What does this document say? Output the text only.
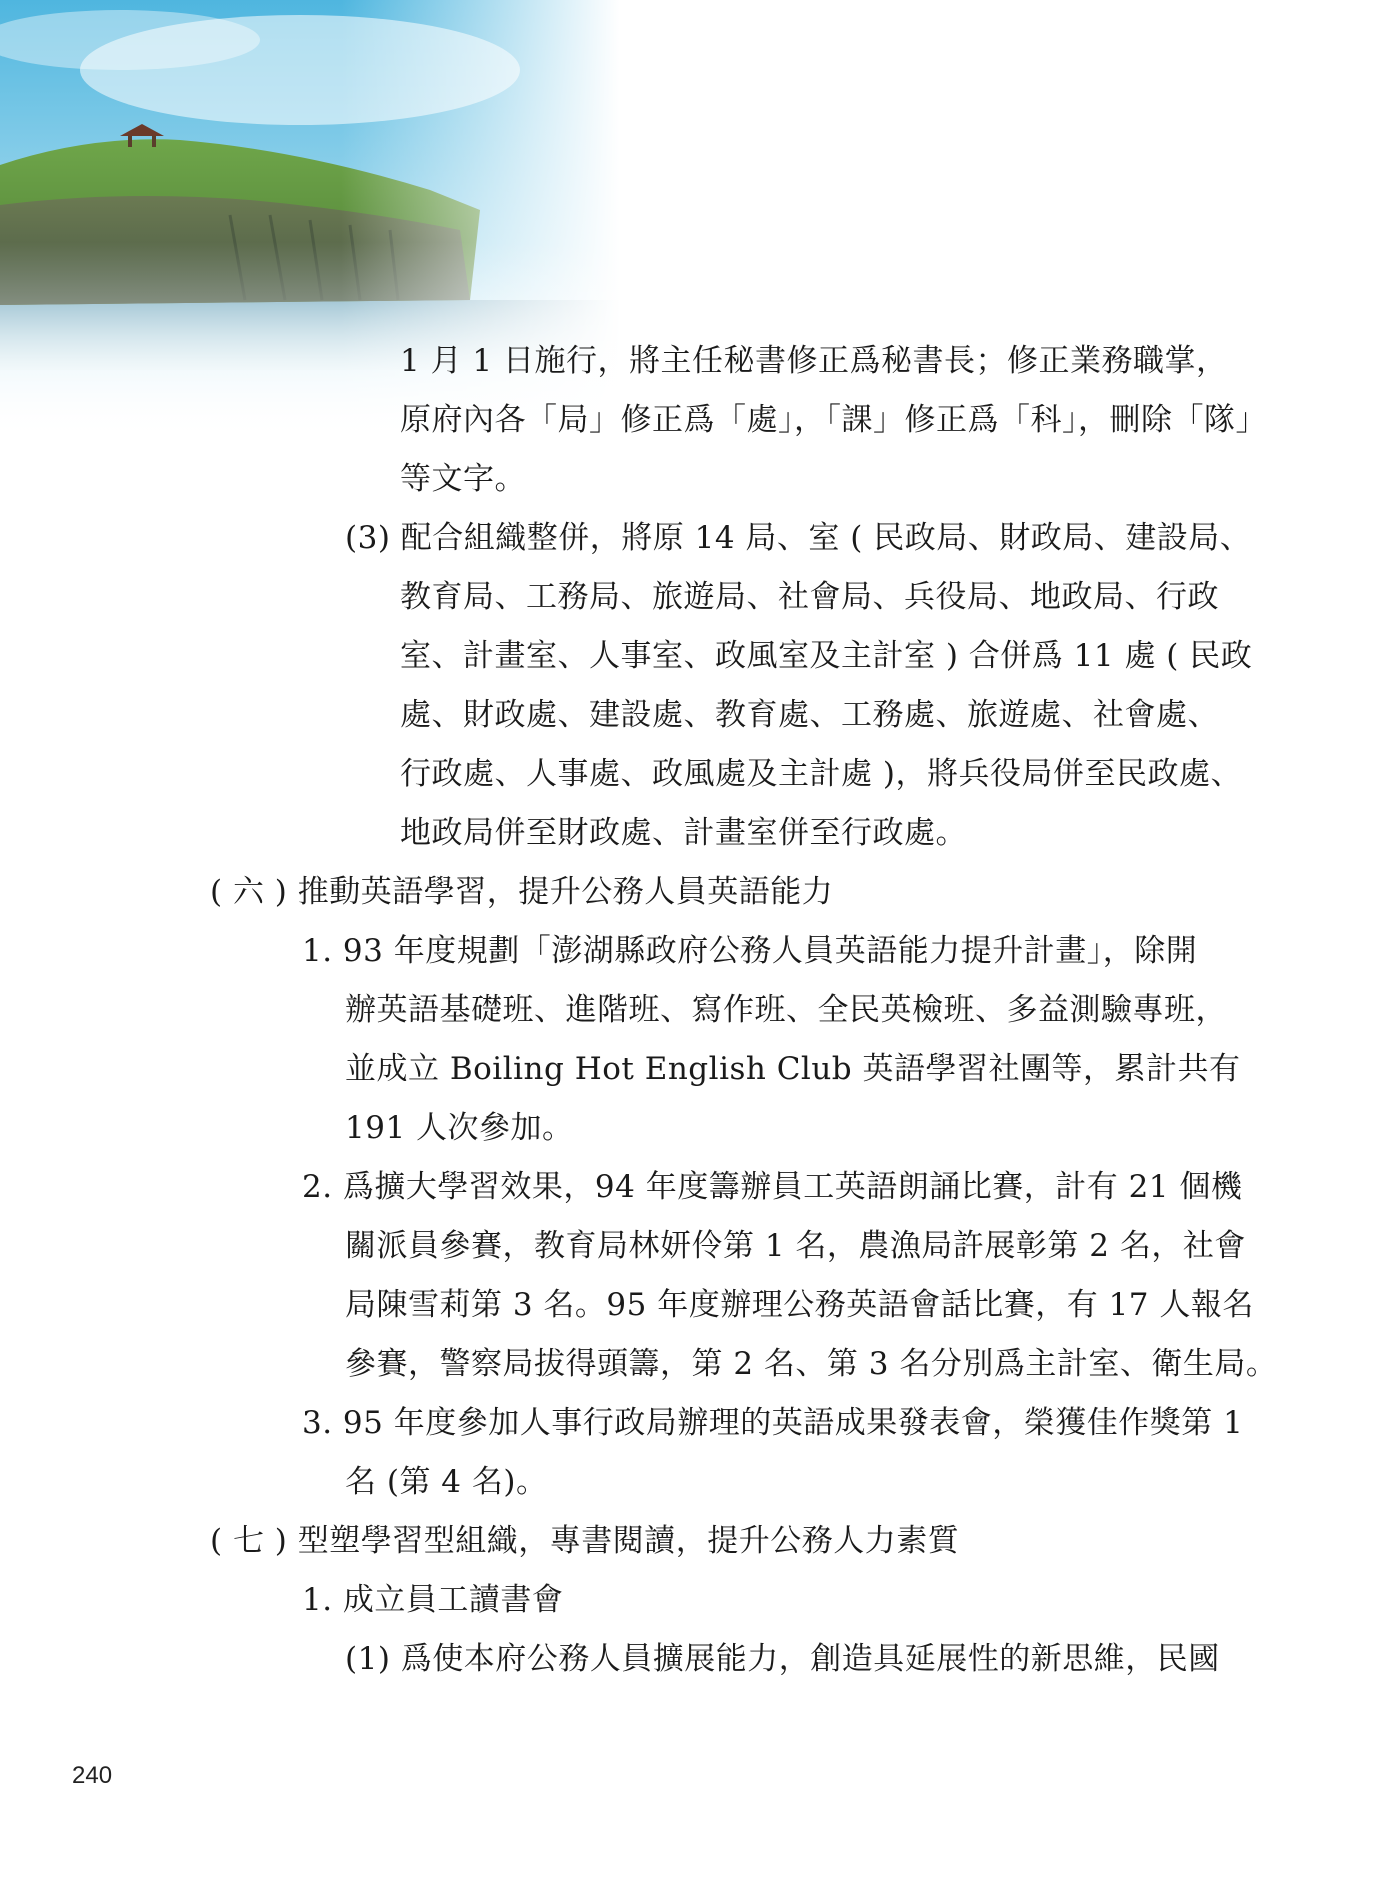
1 月 1 日施行，將主任秘書修正爲秘書長；修正業務職掌，
原府內各「局」修正爲「處」，「課」修正爲「科」，刪除「隊」
等文字。
(3) 配合組織整併，將原 14 局、室 ( 民政局、財政局、建設局、
教育局、工務局、旅遊局、社會局、兵役局、地政局、行政
室、計畫室、人事室、政風室及主計室 ) 合併爲 11 處 ( 民政
處、財政處、建設處、教育處、工務處、旅遊處、社會處、
行政處、人事處、政風處及主計處 )，將兵役局併至民政處、
地政局併至財政處、計畫室併至行政處。
( 六 ) 推動英語學習，提升公務人員英語能力
1. 93 年度規劃「澎湖縣政府公務人員英語能力提升計畫」，除開
辦英語基礎班、進階班、寫作班、全民英檢班、多益測驗專班，
並成立 Boiling Hot English Club 英語學習社團等，累計共有
191 人次參加。
2. 爲擴大學習效果，94 年度籌辦員工英語朗誦比賽，計有 21 個機
關派員參賽，教育局林妍伶第 1 名，農漁局許展彰第 2 名，社會
局陳雪莉第 3 名。95 年度辦理公務英語會話比賽，有 17 人報名
參賽，警察局拔得頭籌，第 2 名、第 3 名分別爲主計室、衛生局。
3. 95 年度參加人事行政局辦理的英語成果發表會，榮獲佳作獎第 1
名 (第 4 名)。
( 七 ) 型塑學習型組織，專書閱讀，提升公務人力素質
1. 成立員工讀書會
(1) 爲使本府公務人員擴展能力，創造具延展性的新思維，民國
240
